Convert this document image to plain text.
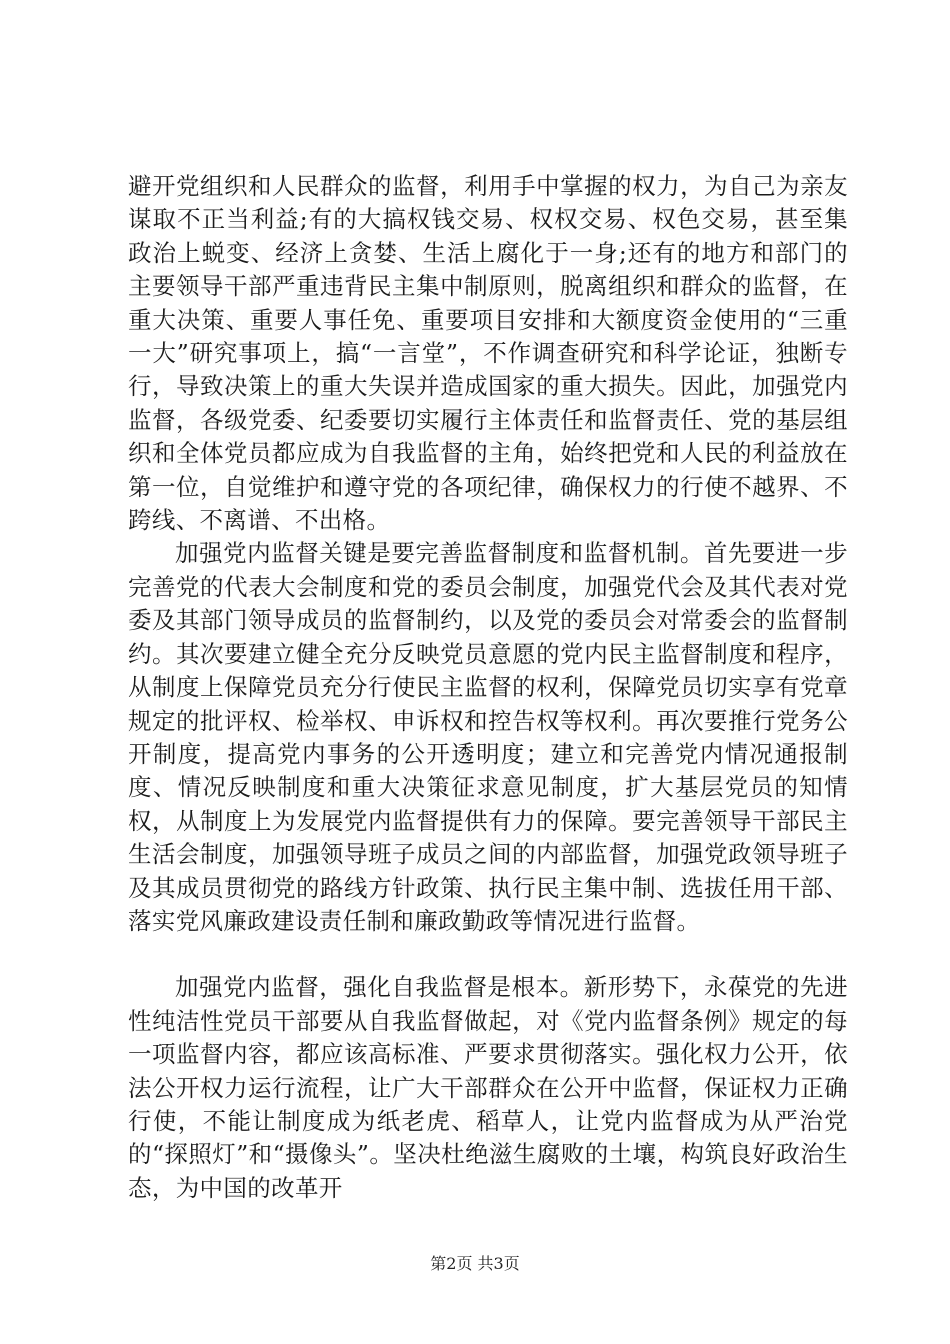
避开党组织和人民群众的监督，利用手中掌握的权力，为自己为亲友谋取不正当利益;有的大搞权钱交易、权权交易、权色交易，甚至集政治上蜕变、经济上贪婪、生活上腐化于一身;还有的地方和部门的主要领导干部严重违背民主集中制原则，脱离组织和群众的监督，在重大决策、重要人事任免、重要项目安排和大额度资金使用的“三重一大”研究事项上，搞“一言堂”，不作调查研究和科学论证，独断专行，导致决策上的重大失误并造成国家的重大损失。因此，加强党内监督，各级党委、纪委要切实履行主体责任和监督责任、党的基层组织和全体党员都应成为自我监督的主角，始终把党和人民的利益放在第一位，自觉维护和遵守党的各项纪律，确保权力的行使不越界、不跨线、不离谱、不出格。

加强党内监督关键是要完善监督制度和监督机制。首先要进一步完善党的代表大会制度和党的委员会制度，加强党代会及其代表对党委及其部门领导成员的监督制约，以及党的委员会对常委会的监督制约。其次要建立健全充分反映党员意愿的党内民主监督制度和程序，从制度上保障党员充分行使民主监督的权利，保障党员切实享有党章规定的批评权、检举权、申诉权和控告权等权利。再次要推行党务公开制度，提高党内事务的公开透明度；建立和完善党内情况通报制度、情况反映制度和重大决策征求意见制度，扩大基层党员的知情权，从制度上为发展党内监督提供有力的保障。要完善领导干部民主生活会制度，加强领导班子成员之间的内部监督，加强党政领导班子及其成员贯彻党的路线方针政策、执行民主集中制、选拔任用干部、落实党风廉政建设责任制和廉政勤政等情况进行监督。

加强党内监督，强化自我监督是根本。新形势下，永葆党的先进性纯洁性党员干部要从自我监督做起，对《党内监督条例》规定的每一项监督内容，都应该高标准、严要求贯彻落实。强化权力公开，依法公开权力运行流程，让广大干部群众在公开中监督，保证权力正确行使，不能让制度成为纸老虎、稻草人，让党内监督成为从严治党的“探照灯”和“摄像头”。坚决杜绝滋生腐败的土壤，构筑良好政治生态，为中国的改革开

第2页 共3页
